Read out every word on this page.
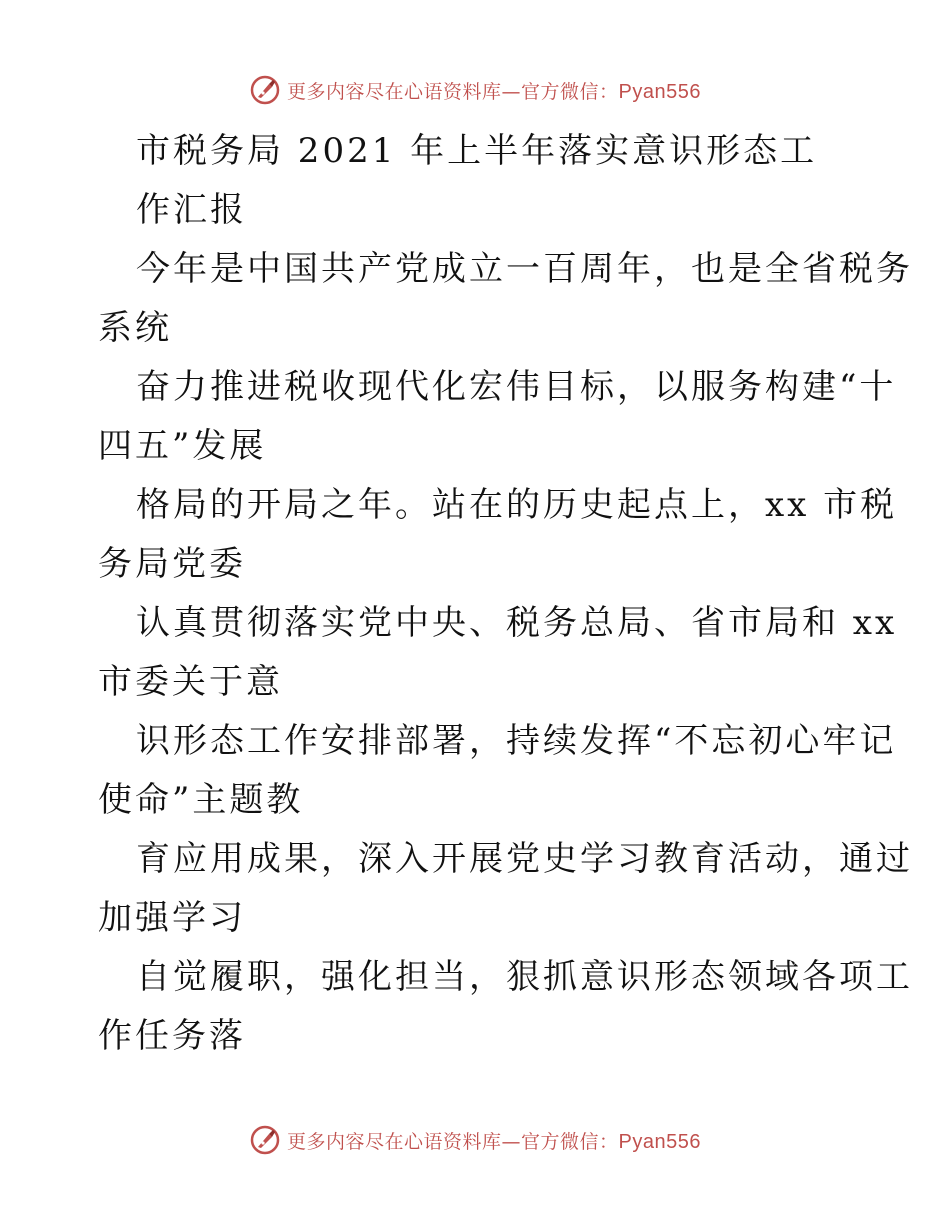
更多内容尽在心语资料库—官方微信：Pyan556
市税务局 2021 年上半年落实意识形态工
作汇报
今年是中国共产党成立一百周年，也是全省税务
系统
奋力推进税收现代化宏伟目标，以服务构建“十
四五”发展
格局的开局之年。站在的历史起点上，xx 市税
务局党委
认真贯彻落实党中央、税务总局、省市局和 xx
市委关于意
识形态工作安排部署，持续发挥“不忘初心牢记
使命”主题教
育应用成果，深入开展党史学习教育活动，通过
加强学习
自觉履职，强化担当，狠抓意识形态领域各项工
作任务落
更多内容尽在心语资料库—官方微信：Pyan556
